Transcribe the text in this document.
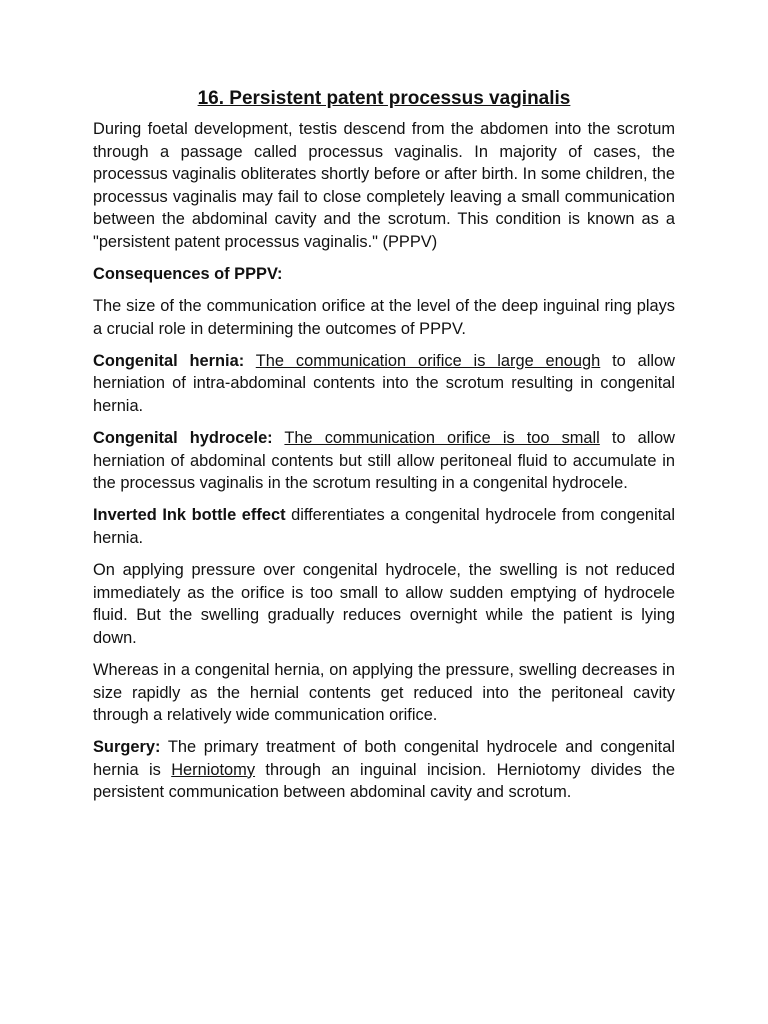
16. Persistent patent processus vaginalis

During foetal development, testis descend from the abdomen into the scrotum through a passage called processus vaginalis. In majority of cases, the processus vaginalis obliterates shortly before or after birth. In some children, the processus vaginalis may fail to close completely leaving a small communication between the abdominal cavity and the scrotum. This condition is known as a "persistent patent processus vaginalis." (PPPV)

Consequences of PPPV:

The size of the communication orifice at the level of the deep inguinal ring plays a crucial role in determining the outcomes of PPPV.

Congenital hernia: The communication orifice is large enough to allow herniation of intra-abdominal contents into the scrotum resulting in congenital hernia.

Congenital hydrocele: The communication orifice is too small to allow herniation of abdominal contents but still allow peritoneal fluid to accumulate in the processus vaginalis in the scrotum resulting in a congenital hydrocele.

Inverted Ink bottle effect differentiates a congenital hydrocele from congenital hernia.

On applying pressure over congenital hydrocele, the swelling is not reduced immediately as the orifice is too small to allow sudden emptying of hydrocele fluid. But the swelling gradually reduces overnight while the patient is lying down.

Whereas in a congenital hernia, on applying the pressure, swelling decreases in size rapidly as the hernial contents get reduced into the peritoneal cavity through a relatively wide communication orifice.

Surgery: The primary treatment of both congenital hydrocele and congenital hernia is Herniotomy through an inguinal incision. Herniotomy divides the persistent communication between abdominal cavity and scrotum.
